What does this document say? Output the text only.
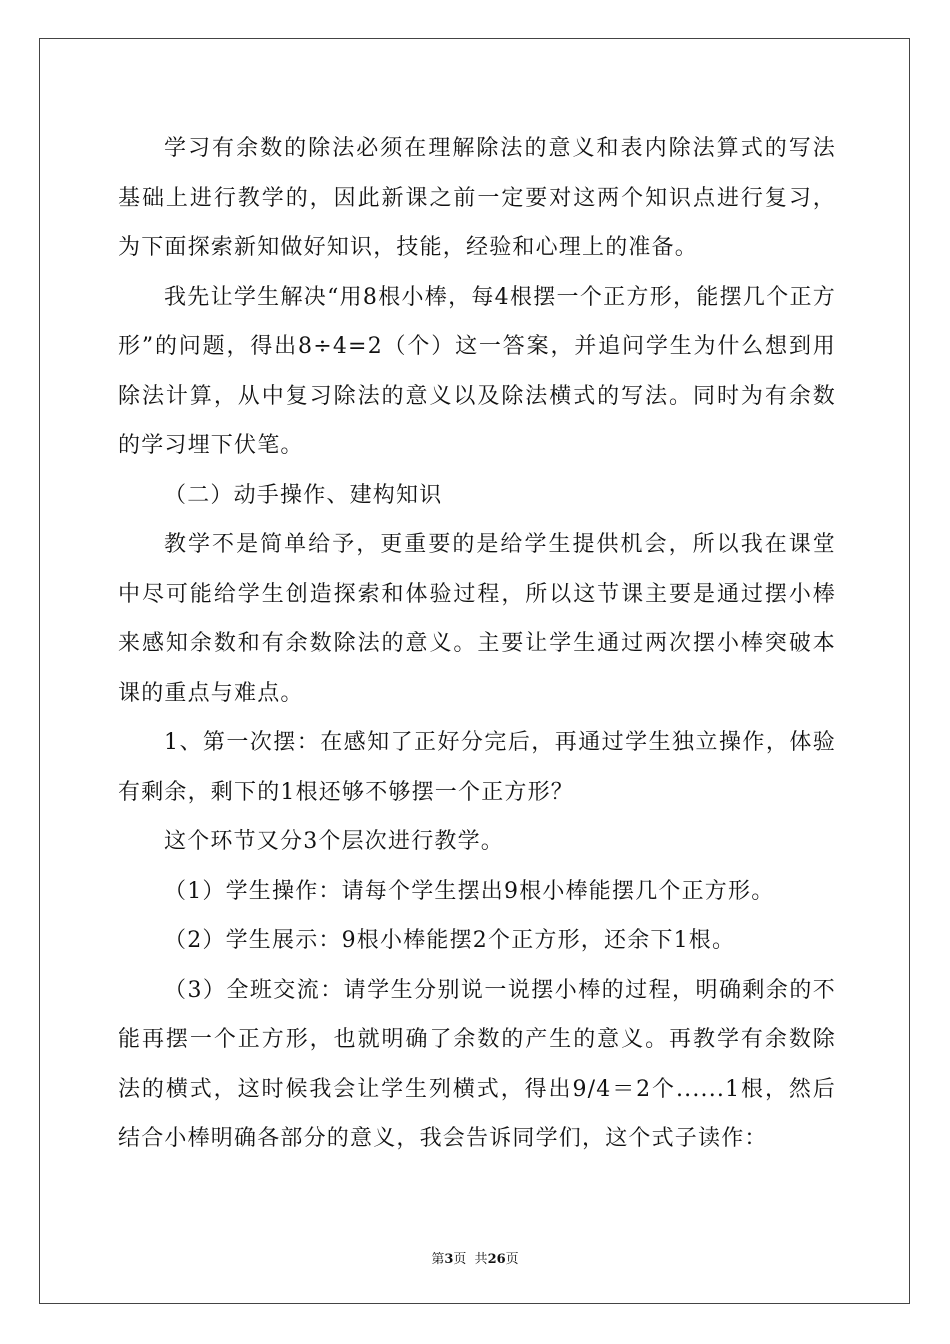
学习有余数的除法必须在理解除法的意义和表内除法算式的写法基础上进行教学的，因此新课之前一定要对这两个知识点进行复习，为下面探索新知做好知识，技能，经验和心理上的准备。

我先让学生解决“用8根小棒，每4根摆一个正方形，能摆几个正方形”的问题，得出8÷4=2（个）这一答案，并追问学生为什么想到用除法计算，从中复习除法的意义以及除法横式的写法。同时为有余数的学习埋下伏笔。

（二）动手操作、建构知识

教学不是简单给予，更重要的是给学生提供机会，所以我在课堂中尽可能给学生创造探索和体验过程，所以这节课主要是通过摆小棒来感知余数和有余数除法的意义。主要让学生通过两次摆小棒突破本课的重点与难点。

1、第一次摆：在感知了正好分完后，再通过学生独立操作，体验有剩余，剩下的1根还够不够摆一个正方形？

这个环节又分3个层次进行教学。

（1）学生操作：请每个学生摆出9根小棒能摆几个正方形。

（2）学生展示：9根小棒能摆2个正方形，还余下1根。

（3）全班交流：请学生分别说一说摆小棒的过程，明确剩余的不能再摆一个正方形，也就明确了余数的产生的意义。再教学有余数除法的横式，这时候我会让学生列横式，得出9/4＝2个......1根，然后结合小棒明确各部分的意义，我会告诉同学们，这个式子读作：

第3页 共26页
